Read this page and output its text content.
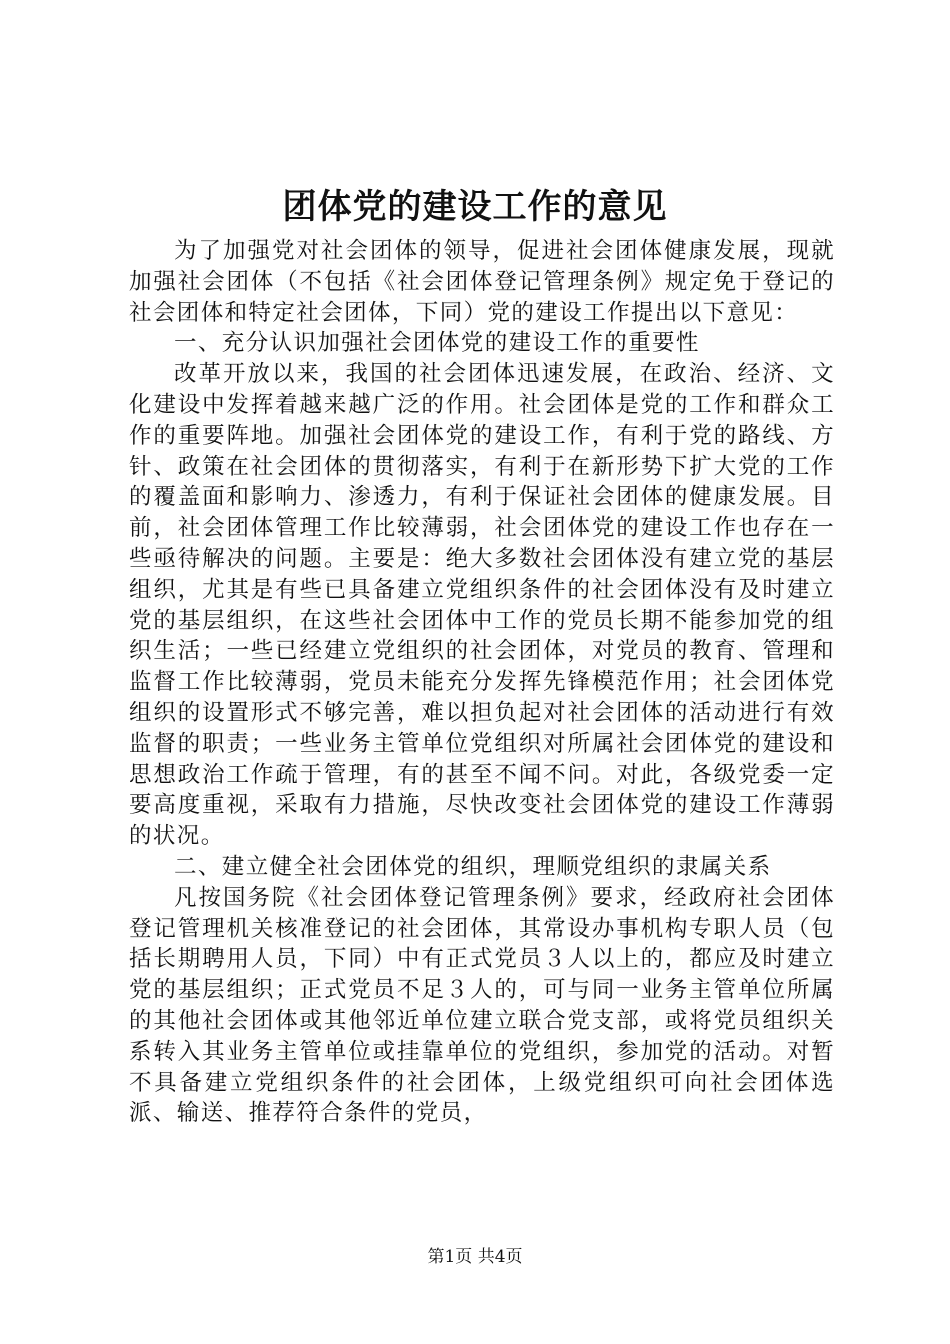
团体党的建设工作的意见

为了加强党对社会团体的领导，促进社会团体健康发展，现就加强社会团体（不包括《社会团体登记管理条例》规定免于登记的社会团体和特定社会团体，下同）党的建设工作提出以下意见：

一、充分认识加强社会团体党的建设工作的重要性

改革开放以来，我国的社会团体迅速发展，在政治、经济、文化建设中发挥着越来越广泛的作用。社会团体是党的工作和群众工作的重要阵地。加强社会团体党的建设工作，有利于党的路线、方针、政策在社会团体的贯彻落实，有利于在新形势下扩大党的工作的覆盖面和影响力、渗透力，有利于保证社会团体的健康发展。目前，社会团体管理工作比较薄弱，社会团体党的建设工作也存在一些亟待解决的问题。主要是：绝大多数社会团体没有建立党的基层组织，尤其是有些已具备建立党组织条件的社会团体没有及时建立党的基层组织，在这些社会团体中工作的党员长期不能参加党的组织生活；一些已经建立党组织的社会团体，对党员的教育、管理和监督工作比较薄弱，党员未能充分发挥先锋模范作用；社会团体党组织的设置形式不够完善，难以担负起对社会团体的活动进行有效监督的职责；一些业务主管单位党组织对所属社会团体党的建设和思想政治工作疏于管理，有的甚至不闻不问。对此，各级党委一定要高度重视，采取有力措施，尽快改变社会团体党的建设工作薄弱的状况。

二、建立健全社会团体党的组织，理顺党组织的隶属关系

凡按国务院《社会团体登记管理条例》要求，经政府社会团体登记管理机关核准登记的社会团体，其常设办事机构专职人员（包括长期聘用人员，下同）中有正式党员３人以上的，都应及时建立党的基层组织；正式党员不足３人的，可与同一业务主管单位所属的其他社会团体或其他邻近单位建立联合党支部，或将党员组织关系转入其业务主管单位或挂靠单位的党组织，参加党的活动。对暂不具备建立党组织条件的社会团体，上级党组织可向社会团体选派、输送、推荐符合条件的党员，

第1页 共4页
